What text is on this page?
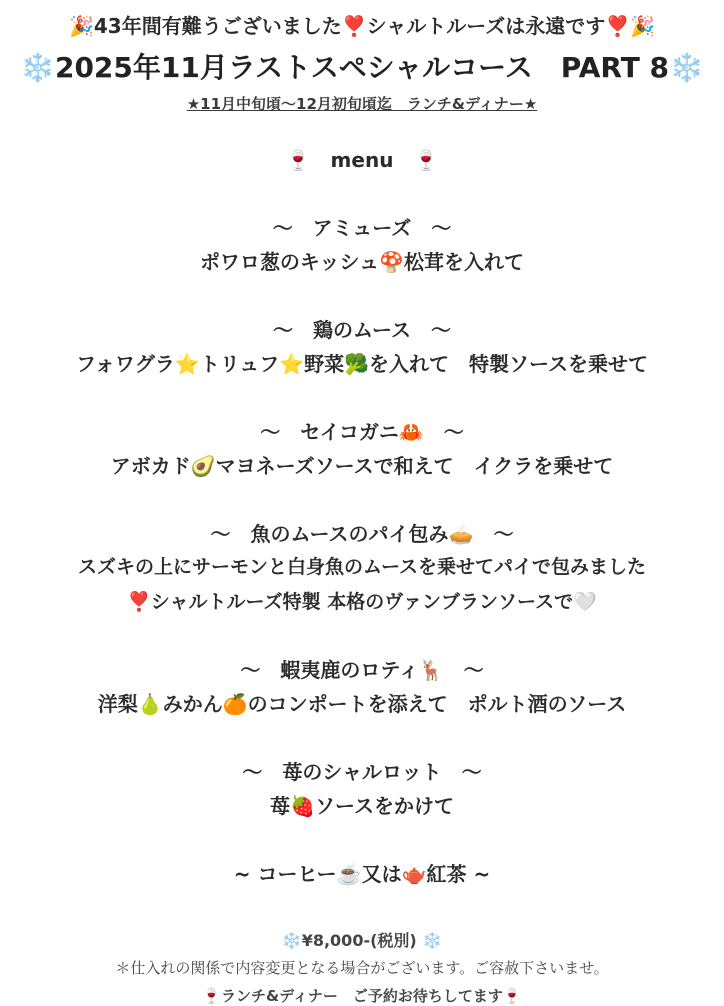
🎉43年間有難うございました❣️シャルトルーズは永遠です❣️🎉
❄️2025年11月ラストスペシャルコース　PART 8❄️
★11月中旬頃〜12月初旬頃迄　ランチ&ディナー★
🍷　menu　🍷
〜　アミューズ　〜
ポワロ葱のキッシュ🍄松茸を入れて
〜　鶏のムース　〜
フォワグラ⭐️トリュフ⭐️野菜🥦を入れて　特製ソースを乗せて
〜　セイコガニ🦀　〜
アボカド🥑マヨネーズソースで和えて　イクラを乗せて
〜　魚のムースのパイ包み🥧　〜
スズキの上にサーモンと白身魚のムースを乗せてパイで包みました
❣️シャルトルーズ特製 本格のヴァンブランソースで🤍
〜　蝦夷鹿のロティ🦌　〜
洋梨🍐みかん🍊のコンポートを添えて　ポルト酒のソース
〜　苺のシャルロット　〜
苺🍓ソースをかけて
~ コーヒー☕️又は🫖紅茶 ~
❄️¥8,000-(税別) ❄️
＊仕入れの関係で内容変更となる場合がございます。ご容赦下さいませ。
🍷ランチ&ディナー　ご予約お待ちしてます🍷
